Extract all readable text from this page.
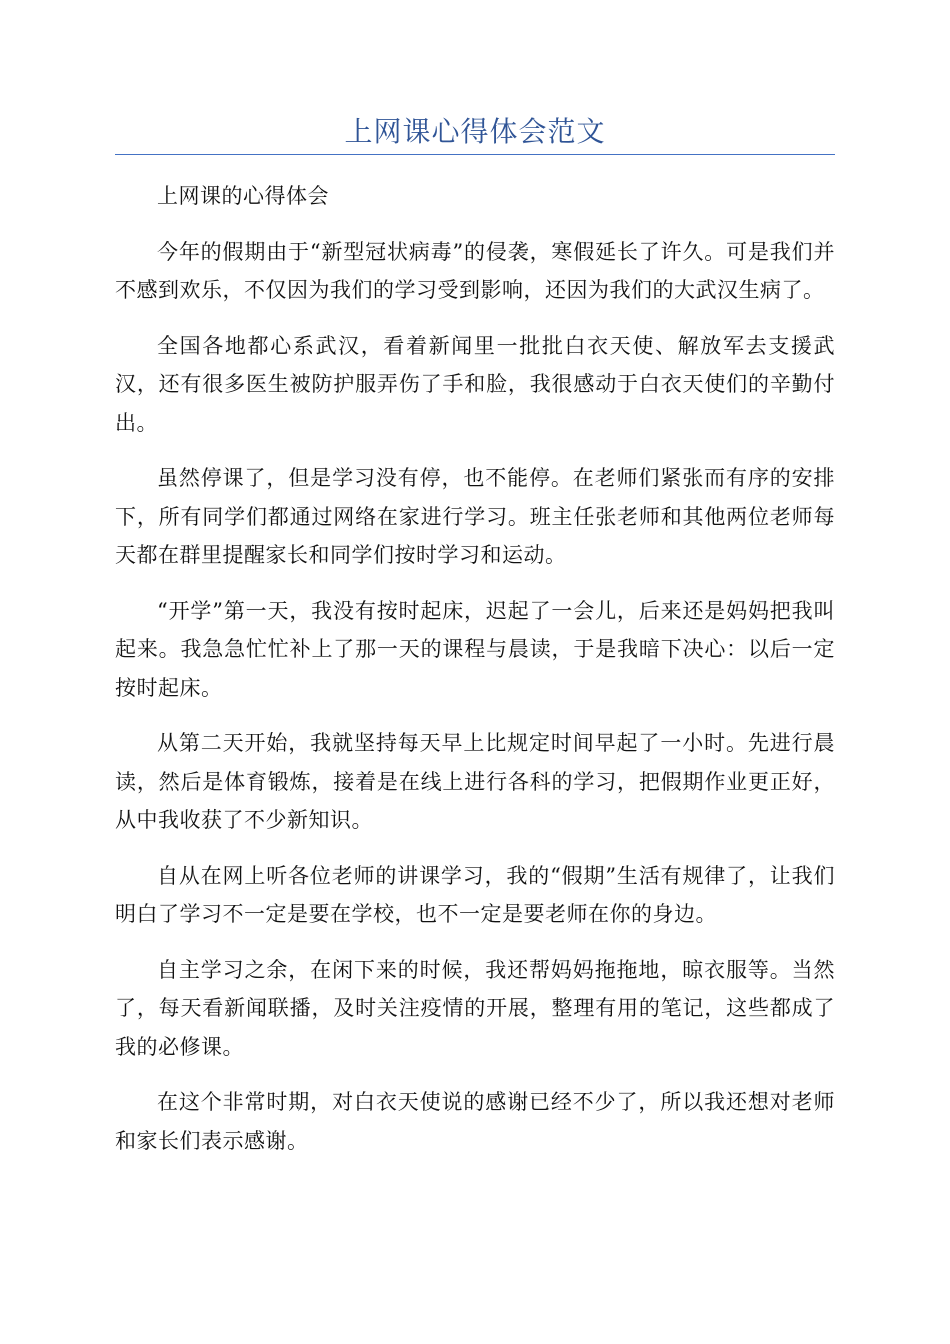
上网课心得体会范文

上网课的心得体会

今年的假期由于“新型冠状病毒”的侵袭，寒假延长了许久。可是我们并不感到欢乐，不仅因为我们的学习受到影响，还因为我们的大武汉生病了。

全国各地都心系武汉，看着新闻里一批批白衣天使、解放军去支援武汉，还有很多医生被防护服弄伤了手和脸，我很感动于白衣天使们的辛勤付出。

虽然停课了，但是学习没有停，也不能停。在老师们紧张而有序的安排下，所有同学们都通过网络在家进行学习。班主任张老师和其他两位老师每天都在群里提醒家长和同学们按时学习和运动。

“开学”第一天，我没有按时起床，迟起了一会儿，后来还是妈妈把我叫起来。我急急忙忙补上了那一天的课程与晨读，于是我暗下决心：以后一定按时起床。

从第二天开始，我就坚持每天早上比规定时间早起了一小时。先进行晨读，然后是体育锻炼，接着是在线上进行各科的学习，把假期作业更正好，从中我收获了不少新知识。

自从在网上听各位老师的讲课学习，我的“假期”生活有规律了，让我们明白了学习不一定是要在学校，也不一定是要老师在你的身边。

自主学习之余，在闲下来的时候，我还帮妈妈拖拖地，晾衣服等。当然了，每天看新闻联播，及时关注疫情的开展，整理有用的笔记，这些都成了我的必修课。

在这个非常时期，对白衣天使说的感谢已经不少了，所以我还想对老师和家长们表示感谢。
